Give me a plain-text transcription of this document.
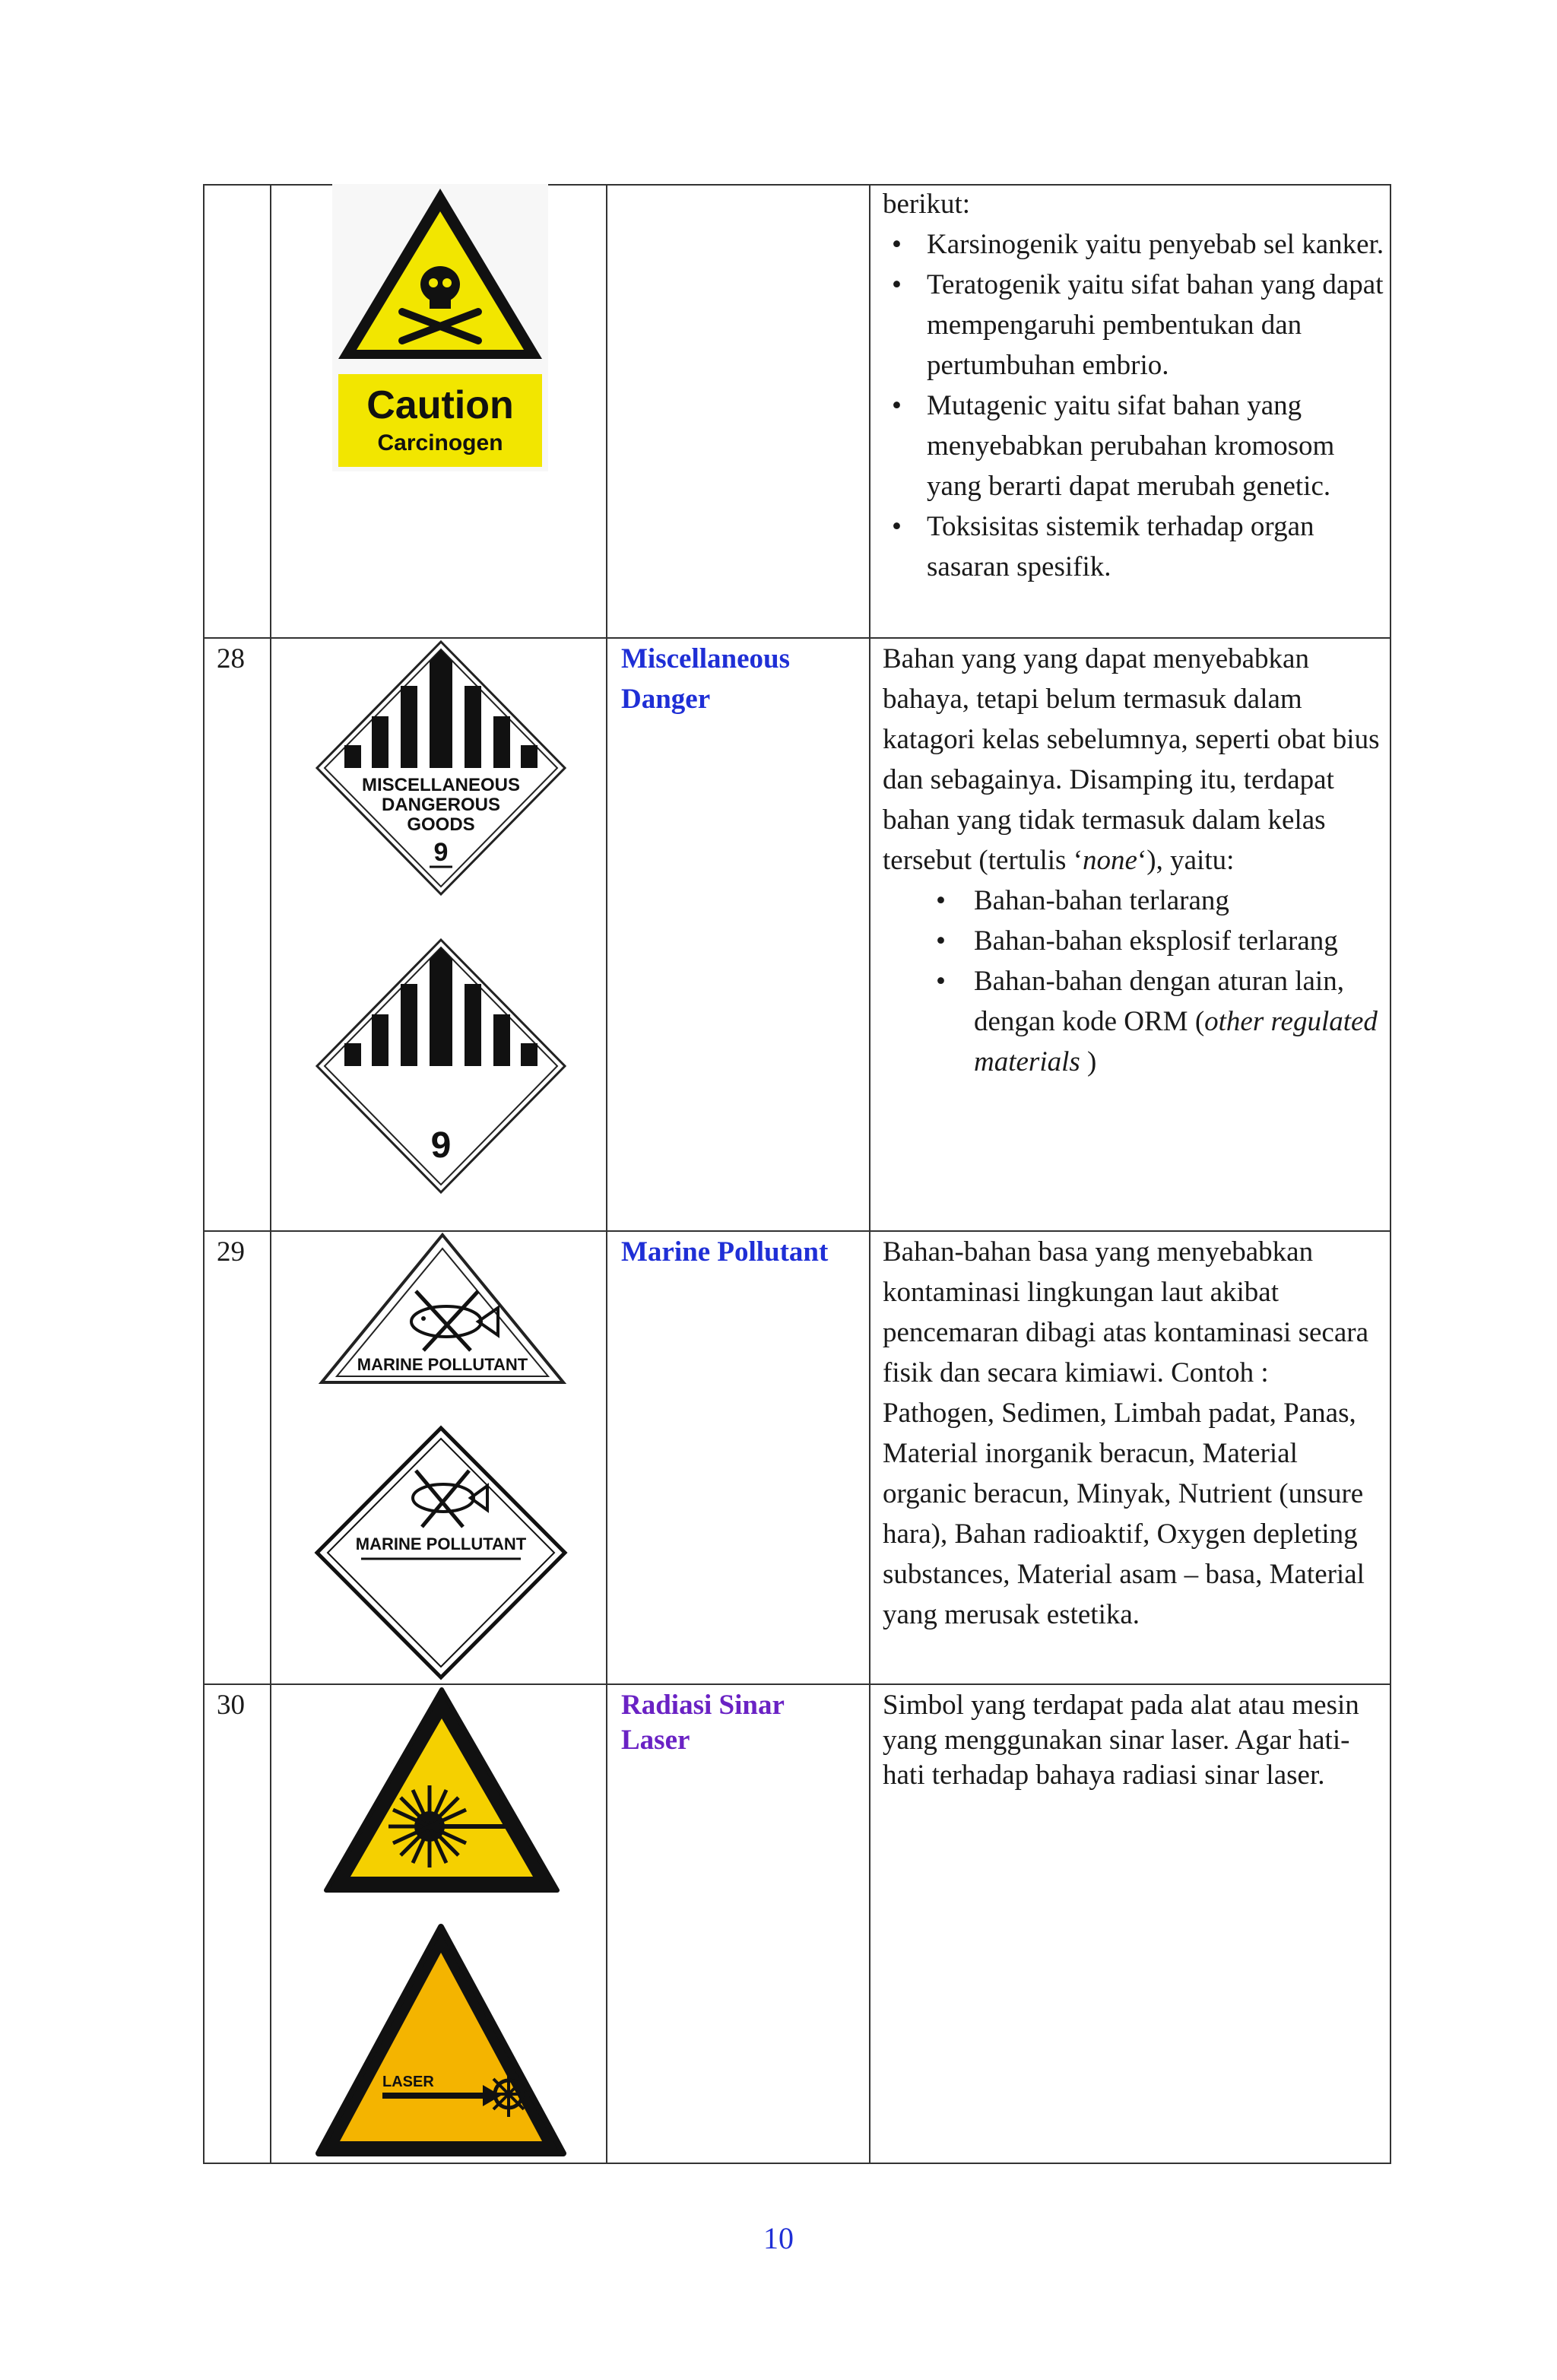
Caution
Carcinogen
berikut:
• Karsinogenik yaitu penyebab sel kanker.
• Teratogenik yaitu sifat bahan yang dapat mempengaruhi pembentukan dan pertumbuhan embrio.
• Mutagenic yaitu sifat bahan yang menyebabkan perubahan kromosom yang berarti dapat merubah genetic.
• Toksisitas sistemik terhadap organ sasaran spesifik.
28
MISCELLANEOUS
DANGEROUS
GOODS
9
9
Miscellaneous Danger
Bahan yang yang dapat menyebabkan bahaya, tetapi belum termasuk dalam katagori kelas sebelumnya, seperti obat bius dan sebagainya. Disamping itu, terdapat bahan yang tidak termasuk dalam kelas tersebut (tertulis ‘none‘), yaitu:
• Bahan-bahan terlarang
• Bahan-bahan eksplosif terlarang
• Bahan-bahan dengan aturan lain, dengan kode ORM (other regulated materials )
29
MARINE POLLUTANT
MARINE POLLUTANT
Marine Pollutant	Bahan-bahan basa yang menyebabkan kontaminasi lingkungan laut akibat pencemaran dibagi atas kontaminasi secara fisik dan secara kimiawi. Contoh : Pathogen, Sedimen, Limbah padat, Panas, Material inorganik beracun, Material organic beracun, Minyak, Nutrient (unsure hara), Bahan radioaktif, Oxygen depleting substances, Material asam – basa, Material yang merusak estetika.
30
LASER
Radiasi Sinar Laser
Simbol yang terdapat pada alat atau mesin yang menggunakan sinar laser. Agar hati-hati terhadap bahaya radiasi sinar laser.
10
